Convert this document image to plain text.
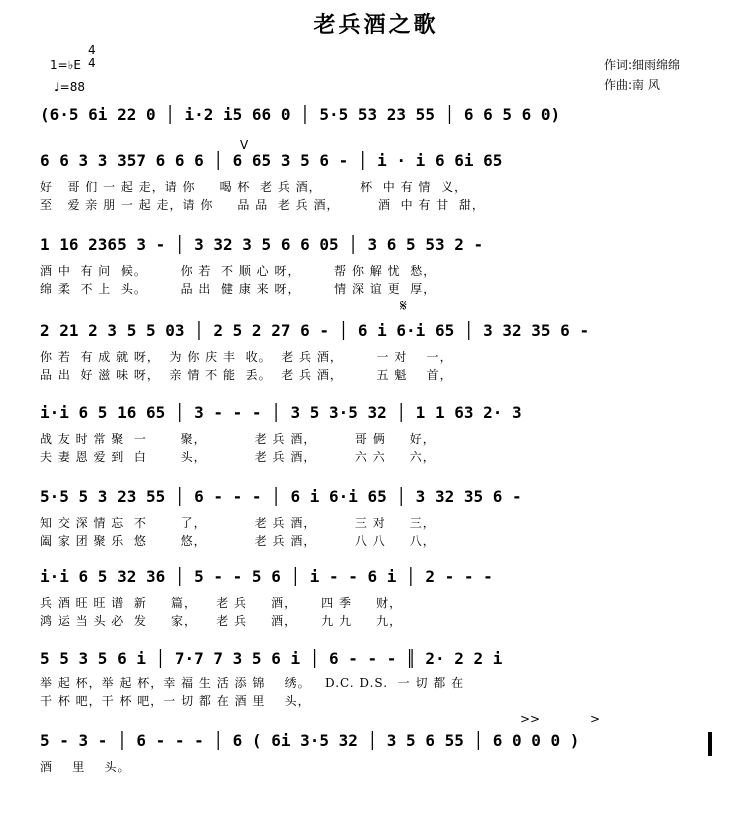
老兵酒之歌
1=♭E
4
4
♩=88
作词:细雨绵绵
作曲:南 风
(6·5 6i 22 0 │ i·2 i5 66 0 │ 5·5 53 23 55 │ 6 6 5 6 0)
6 6 3 3 357 6 6 6 │ 6 65 3 5 6 - │ i · i 6 6i 65
好   哥 们 一 起 走，请 你     喝 杯  老 兵 酒，        杯  中 有 情  义，
至   爱 亲 朋 一 起 走，请 你     品 品  老 兵 酒，        酒  中 有 甘  甜，
V
1 16 2365 3 - │ 3 32 3 5 6 6 05 │ 3 6 5 53 2 -
酒 中  有 问  候。       你 若  不 顺 心 呀，       帮 你 解 忧  愁，
绵 柔  不 上  头。       品 出  健 康 来 呀，       情 深 谊 更  厚，
2 21 2 3 5 5 03 │ 2 5 2 27 6 - │ 6 i 6·i 65 │ 3 32 35 6 -
你 若  有 成 就 呀，  为 你 庆 丰  收。  老 兵 酒，       一 对    一，
品 出  好 滋 味 呀，  亲 情 不 能  丢。  老 兵 酒，       五 魁    首，
𝄋
i·i 6 5 16 65 │ 3 - - - │ 3 5 3·5 32 │ 1 1 63 2· 3
战 友 时 常 聚  一       聚，          老 兵 酒，        哥 俩     好，
夫 妻 恩 爱 到  白       头，          老 兵 酒，        六 六     六，
5·5 5 3 23 55 │ 6 - - - │ 6 i 6·i 65 │ 3 32 35 6 -
知 交 深 情 忘  不       了，          老 兵 酒，        三 对     三，
阖 家 团 聚 乐  悠       悠，          老 兵 酒，        八 八     八，
i·i 6 5 32 36 │ 5 - - 5 6 │ i - - 6 i │ 2 - - -
兵 酒 旺 旺 谱  新     篇，    老 兵     酒，     四 季     财，
鸿 运 当 头 必  发     家，    老 兵     酒，     九 九     九，
5 5 3 5 6 i │ 7·7 7 3 5 6 i │ 6 - - - ║ 2· 2 2 i
举 起 杯，举 起 杯，幸 福 生 活 添 锦    绣。   D.C. D.S.  一 切 都 在
干 杯 吧，干 杯 吧，一 切 都 在 酒 里    头，
5 - 3 - │ 6 - - - │ 6 ( 6i 3·5 32 │ 3 5 6 55 │ 6 0 0 0 )
酒    里    头。
>>	>
